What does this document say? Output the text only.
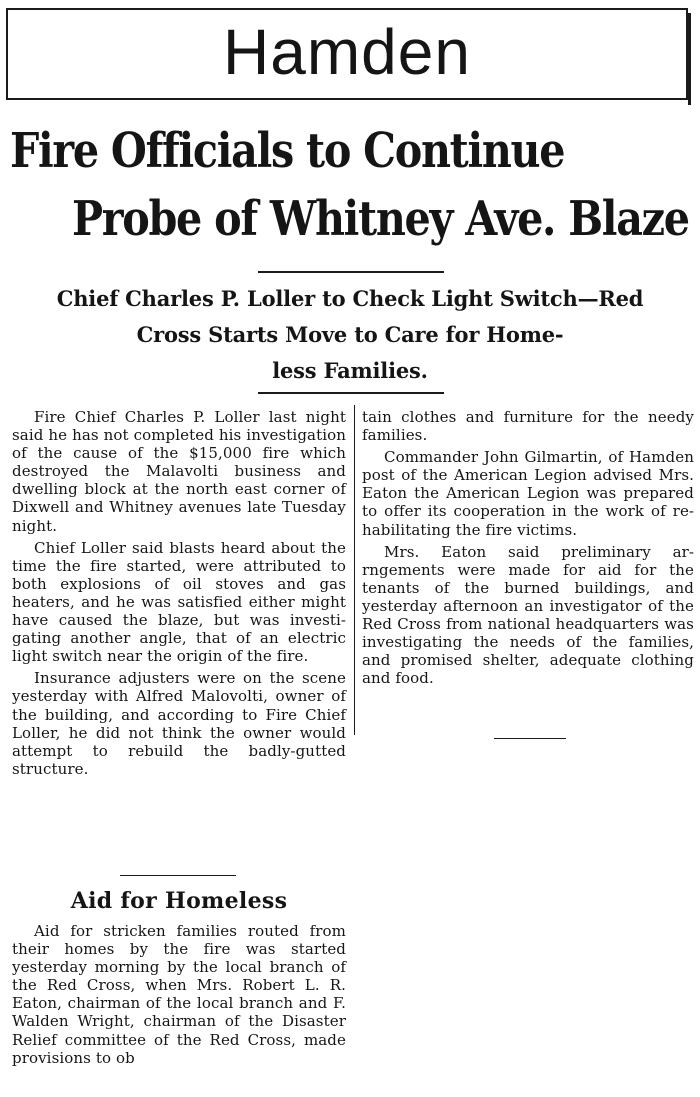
Hamden
Fire Officials to Continue
Probe of Whitney Ave. Blaze
Chief Charles P. Loller to Check Light Switch—Red
Cross Starts Move to Care for Home-
less Families.

Fire Chief Charles P. Loller last night said he has not completed his investigation of the cause of the $15,000 fire which destroyed the Malavolti business and dwelling block at the north east corner of Dixwell and Whitney avenues late Tuesday night.

Chief Loller said blasts heard about the time the fire started, were attributed to both explosions of oil stoves and gas heaters, and he was satisfied either might have caused the blaze, but was investigating another angle, that of an electric light switch near the origin of the fire.

Insurance adjusters were on the scene yesterday with Alfred Malovolti, owner of the building, and according to Fire Chief Loller, he did not think the owner would attempt to rebuild the badly-gutted structure.

Aid for Homeless

Aid for stricken families routed from their homes by the fire was started yesterday morning by the local branch of the Red Cross, when Mrs. Robert L. R. Eaton, chairman of the local branch and F. Walden Wright, chairman of the Disaster Relief committee of the Red Cross, made provisions to ob

tain clothes and furniture for the needy families.

Commander John Gilmartin, of Hamden post of the American Legion advised Mrs. Eaton the American Legion was prepared to offer its cooperation in the work of rehabilitating the fire victims.

Mrs. Eaton said preliminary arrngements were made for aid for the tenants of the burned buildings, and yesterday afternoon an investigator of the Red Cross from national headquarters was investigating the needs of the families, and promised shelter, adequate clothing and food.
